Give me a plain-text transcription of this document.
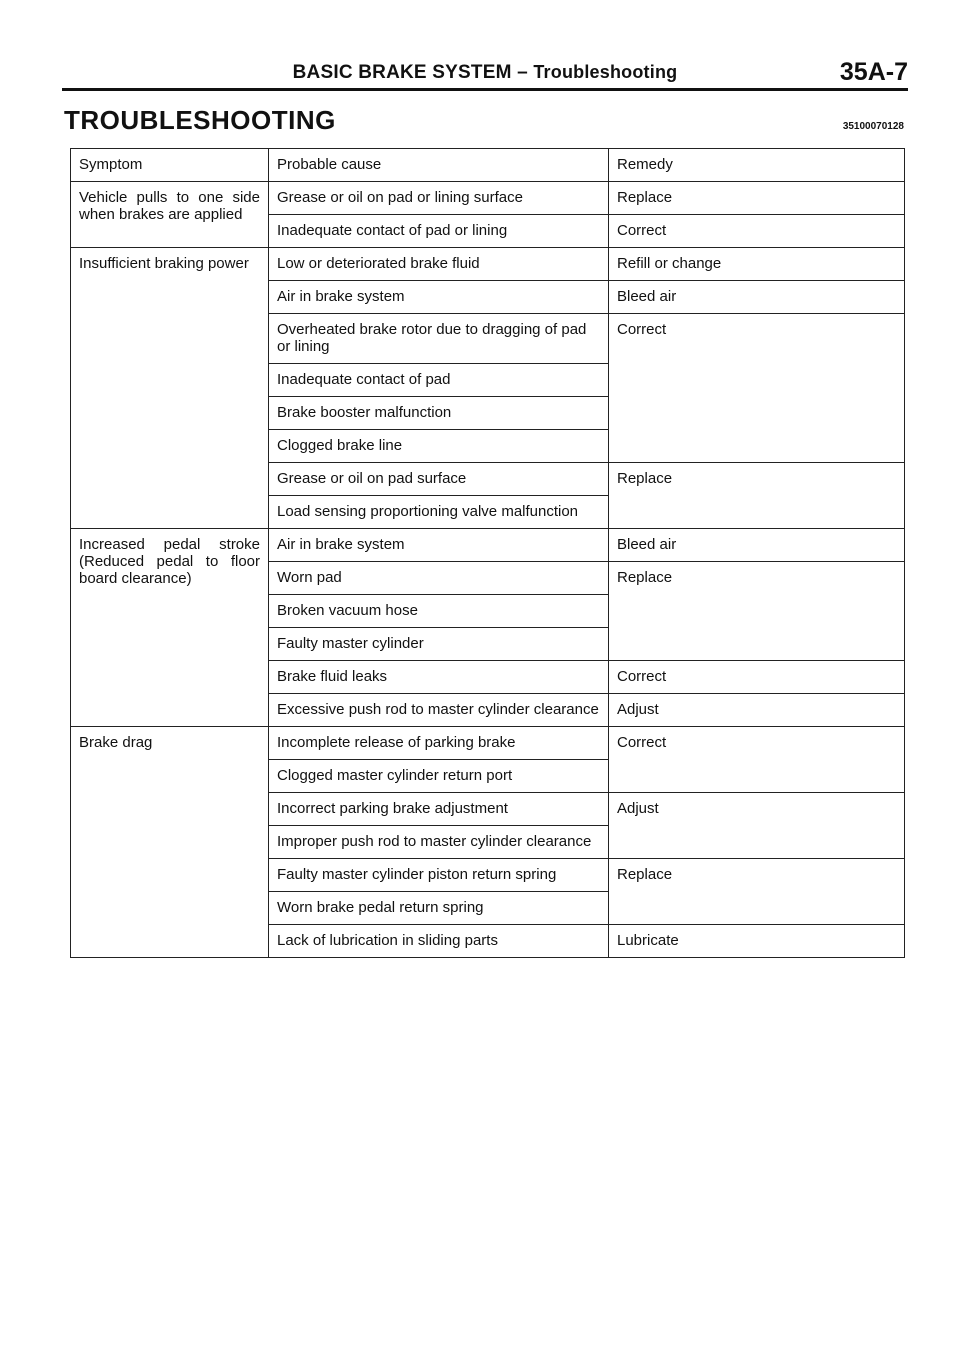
BASIC BRAKE SYSTEM – Troubleshooting	35A-7
TROUBLESHOOTING	35100070128
Symptom	Probable cause	Remedy
Vehicle pulls to one side when brakes are applied	Grease or oil on pad or lining surface	Replace
	Inadequate contact of pad or lining	Correct
Insufficient braking power	Low or deteriorated brake fluid	Refill or change
	Air in brake system	Bleed air
	Overheated brake rotor due to dragging of pad or lining	Correct
	Inadequate contact of pad	
	Brake booster malfunction	
	Clogged brake line	
	Grease or oil on pad surface	Replace
	Load sensing proportioning valve malfunction	
Increased pedal stroke (Reduced pedal to floor board clearance)	Air in brake system	Bleed air
	Worn pad	Replace
	Broken vacuum hose	
	Faulty master cylinder	
	Brake fluid leaks	Correct
	Excessive push rod to master cylinder clearance	Adjust
Brake drag	Incomplete release of parking brake	Correct
	Clogged master cylinder return port	
	Incorrect parking brake adjustment	Adjust
	Improper push rod to master cylinder clearance	
	Faulty master cylinder piston return spring	Replace
	Worn brake pedal return spring	
	Lack of lubrication in sliding parts	Lubricate
